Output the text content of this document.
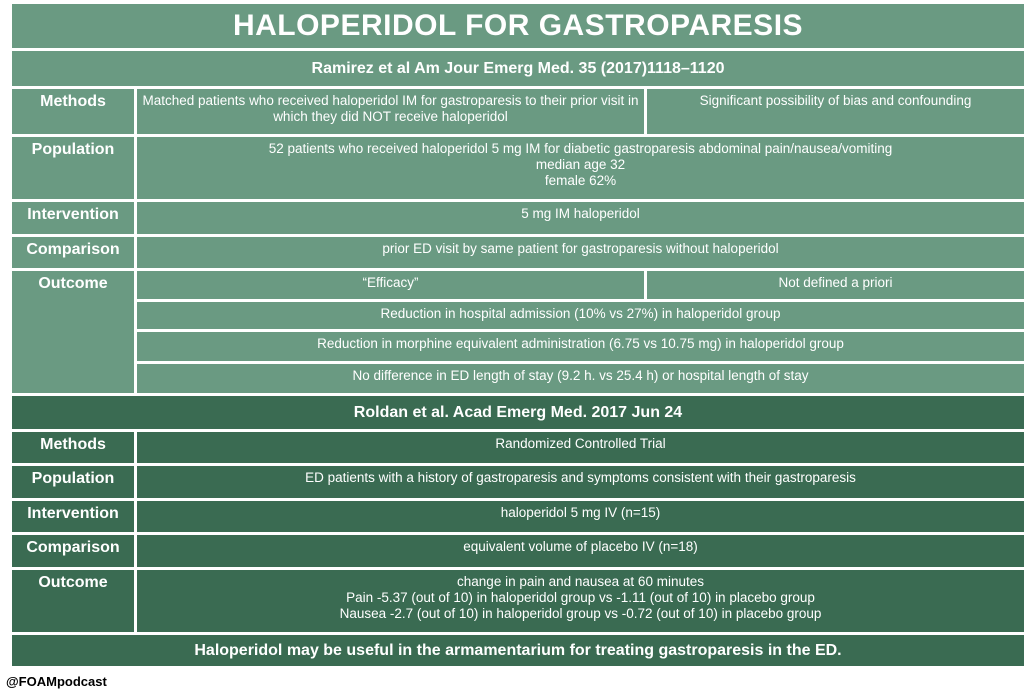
HALOPERIDOL FOR GASTROPARESIS
Ramirez et al Am Jour Emerg Med. 35 (2017)1118–1120
Methods
Population
Intervention
Comparison
Outcome
Matched patients who received haloperidol IM for gastroparesis to their prior visit in which they did NOT receive haloperidol
Significant possibility of bias and confounding
52 patients who received haloperidol 5 mg IM for diabetic gastroparesis abdominal pain/nausea/vomiting
median age 32
female 62%
5 mg IM haloperidol
prior ED visit by same patient for gastroparesis without haloperidol
“Efficacy”	Not defined a priori
Reduction in hospital admission (10% vs 27%) in haloperidol group
Reduction in morphine equivalent administration (6.75 vs 10.75 mg) in haloperidol group
No difference in ED length of stay (9.2 h. vs 25.4 h) or hospital length of stay
Roldan et al. Acad Emerg Med. 2017 Jun 24
Methods
Population
Intervention
Comparison
Outcome
Randomized Controlled Trial
ED patients with a history of gastroparesis and symptoms consistent with their gastroparesis
haloperidol 5 mg IV (n=15)
equivalent volume of placebo IV (n=18)
change in pain and nausea at 60 minutes
Pain -5.37 (out of 10) in haloperidol group vs -1.11 (out of 10) in placebo group
Nausea -2.7 (out of 10) in haloperidol group vs -0.72 (out of 10) in placebo group
Haloperidol may be useful in the armamentarium for treating gastroparesis in the ED.
@FOAMpodcast
